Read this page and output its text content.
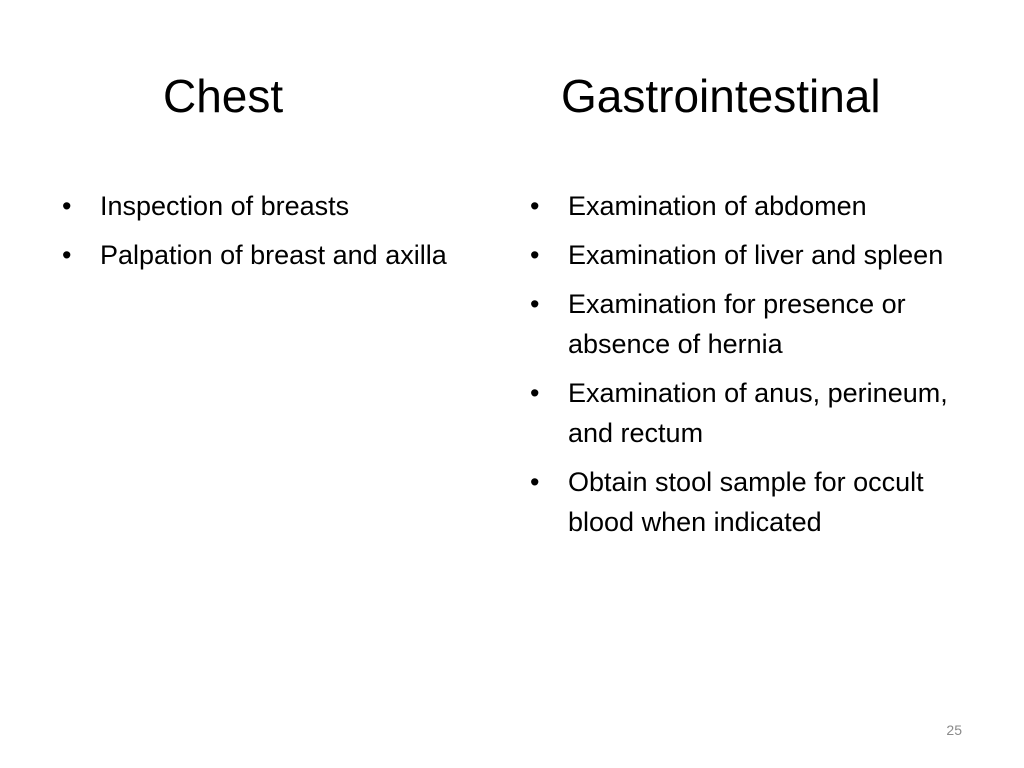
Chest	Gastrointestinal
• Inspection of breasts
• Palpation of breast and axilla
• Examination of abdomen
• Examination of liver and spleen
• Examination for presence or absence of hernia
• Examination of anus, perineum, and rectum
• Obtain stool sample for occult blood when indicated
25
